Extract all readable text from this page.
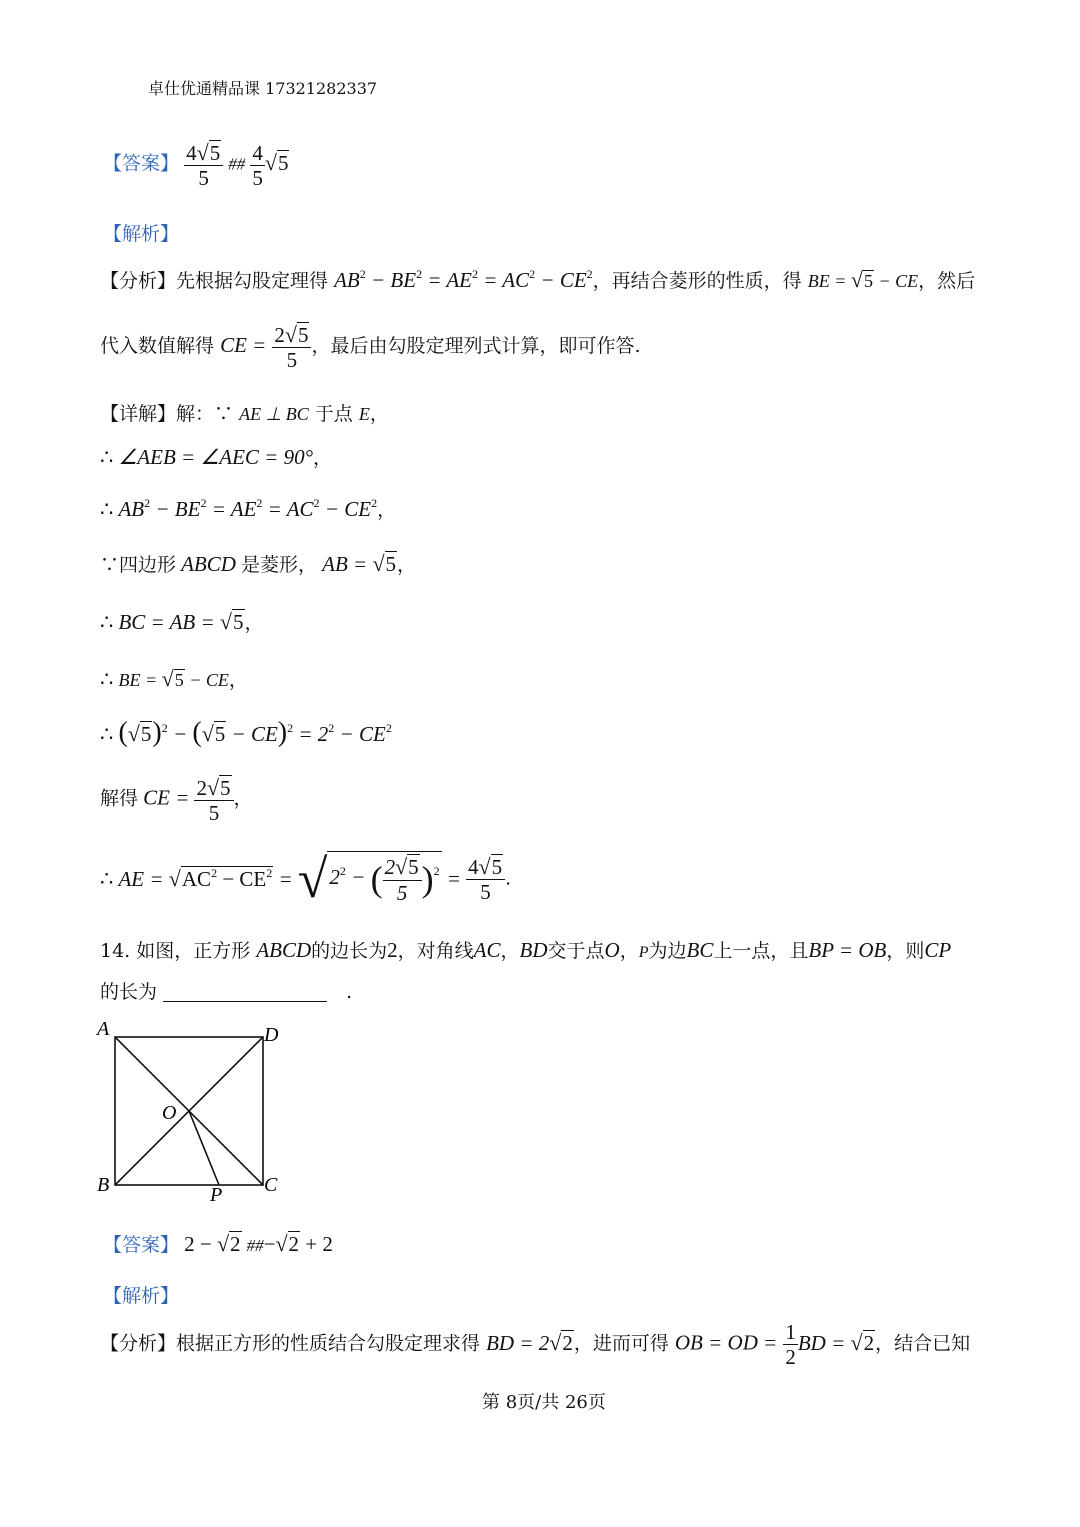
卓仕优通精品课 17321282337
【答案】 $\frac{4√5}{5}$ ## $\frac{4}{5} √5$
【解析】
【分析】先根据勾股定理得 $AB^2 - BE^2 = AE^2 = AC^2 - CE^2$，再结合菱形的性质，得 BE = √5 − CE，然后
代入数值解得 CE = $\frac{2√5}{5}$ ，最后由勾股定理列式计算，即可作答.
【详解】解：∵ AE ⊥ BC 于点 E，
∴ ∠AEB = ∠AEC = 90°，
∴ $AB^2 - BE^2 = AE^2 = AC^2 - CE^2$，
∵四边形 ABCD 是菱形， AB = √5，
∴ BC = AB = √5，
∴ BE = √5 − CE，
∴ $(√5)^2 - (√5 - CE)^2 = 2^2 - CE^2$
解得 CE = $\frac{2√5}{5}$ ，
∴ AE = $√AC^2 - CE^2 = √2^2$ − ( $\frac{2√5}{5} )^2 = \frac{4√5}{5}$ .
14. 如图，正方形 ABCD的边长为2，对角线AC，BD交于点O，P为边BC上一点，且BP = OB，则CP
的长为	　.
A	D
O
B	C
P
【答案】 2 − √2 ##−√2 + 2
【解析】
【分析】根据正方形的性质结合勾股定理求得 BD = 2√2，进而可得 OB = OD = $\frac{1}{2}$ BD = √2，结合已知
第 8页/共 26页
